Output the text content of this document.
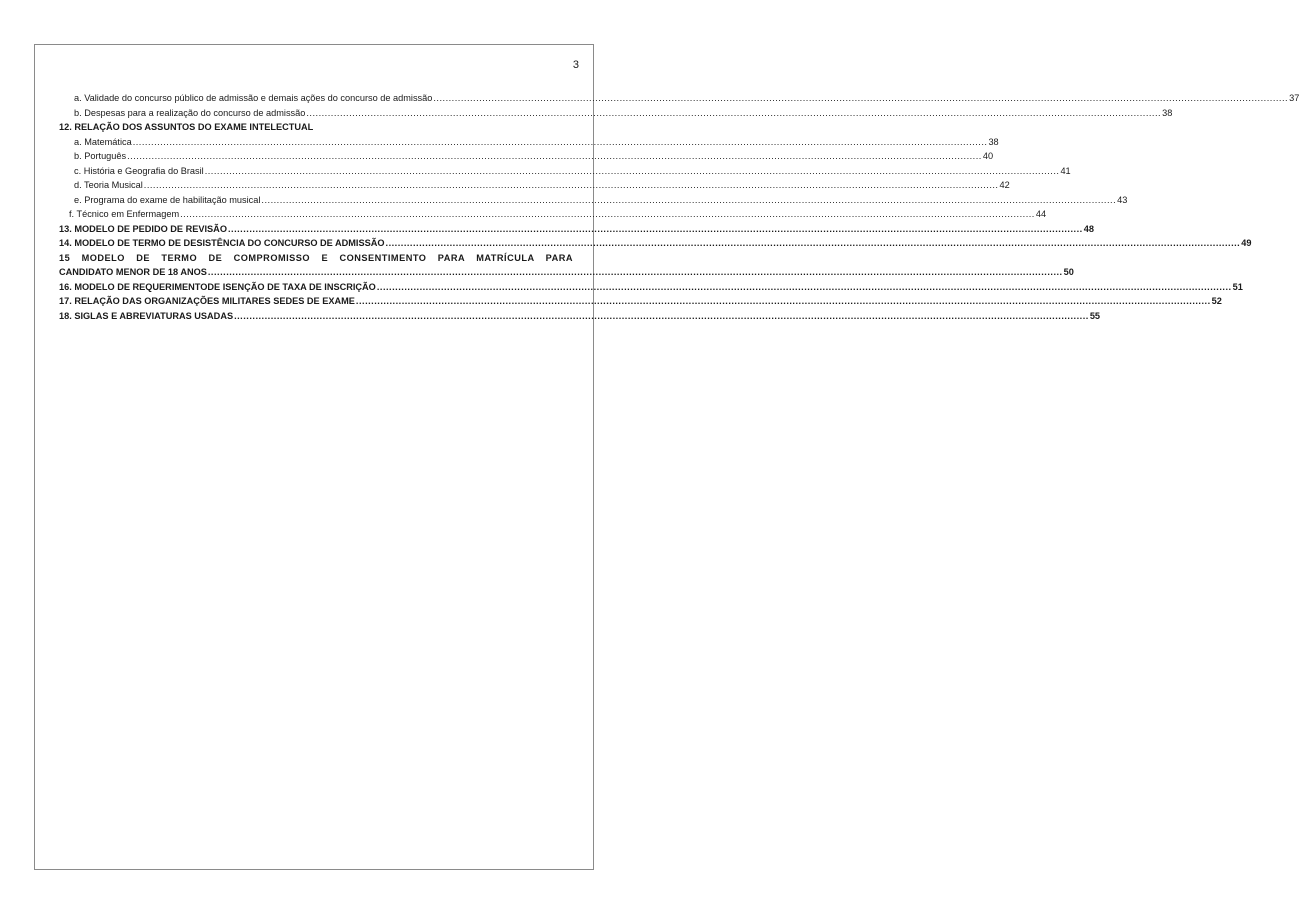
3
a. Validade do concurso público de admissão e demais ações do concurso de admissão .....	37
b. Despesas para a realização do concurso de admissão .....	38
12. RELAÇÃO DOS ASSUNTOS DO EXAME INTELECTUAL
a. Matemática .....	38
b. Português .....	40
c. História e Geografia do Brasil .....	41
d. Teoria Musical .....	42
e. Programa do exame de habilitação musical .....	43
f. Técnico em Enfermagem .....	44
13. MODELO DE PEDIDO DE REVISÃO .....	48
14. MODELO DE TERMO DE DESISTÊNCIA DO CONCURSO DE ADMISSÃO .....	49
15 MODELO DE TERMO DE COMPROMISSO E CONSENTIMENTO PARA MATRÍCULA PARA
CANDIDATO MENOR DE 18 ANOS .....	50
16. MODELO DE REQUERIMENTODE ISENÇÃO DE TAXA DE INSCRIÇÃO .....	51
17. RELAÇÃO DAS ORGANIZAÇÕES MILITARES SEDES DE EXAME .....	52
18. SIGLAS E ABREVIATURAS USADAS .....	55
